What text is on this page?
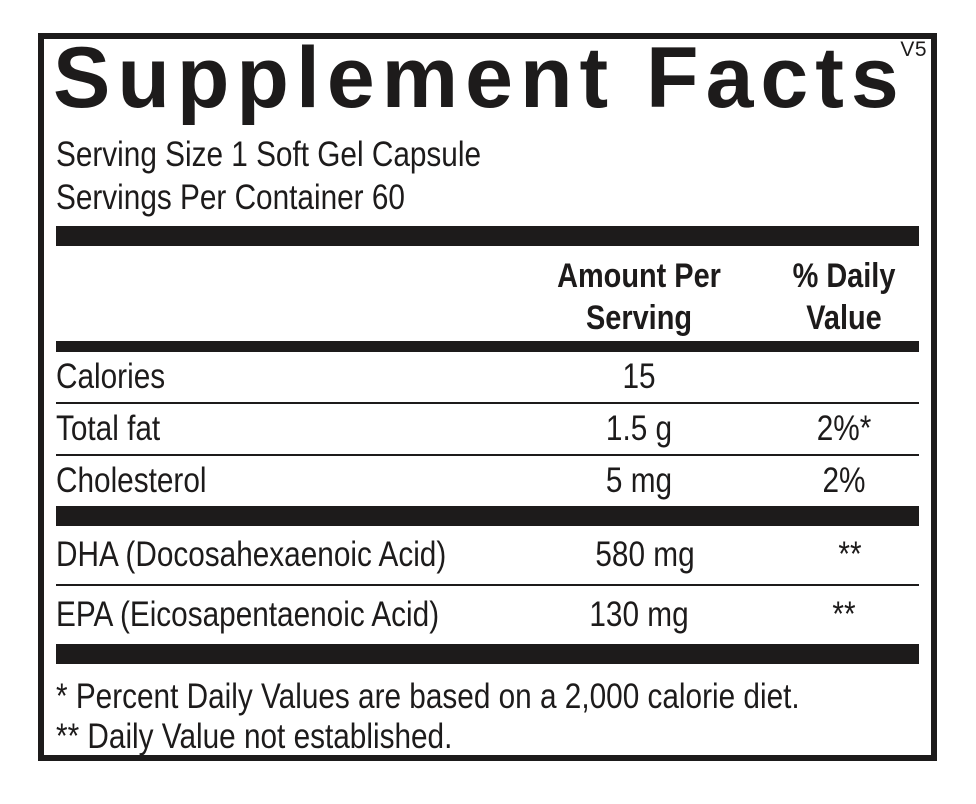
V5
Supplement Facts
Serving Size 1 Soft Gel Capsule
Servings Per Container 60
Amount Per
Serving
% Daily
Value
Calories	15
Total fat	1.5 g	2%*
Cholesterol	5 mg	2%
DHA (Docosahexaenoic Acid)	580 mg	**
EPA (Eicosapentaenoic Acid)	130 mg	**
* Percent Daily Values are based on a 2,000 calorie diet.
** Daily Value not established.
